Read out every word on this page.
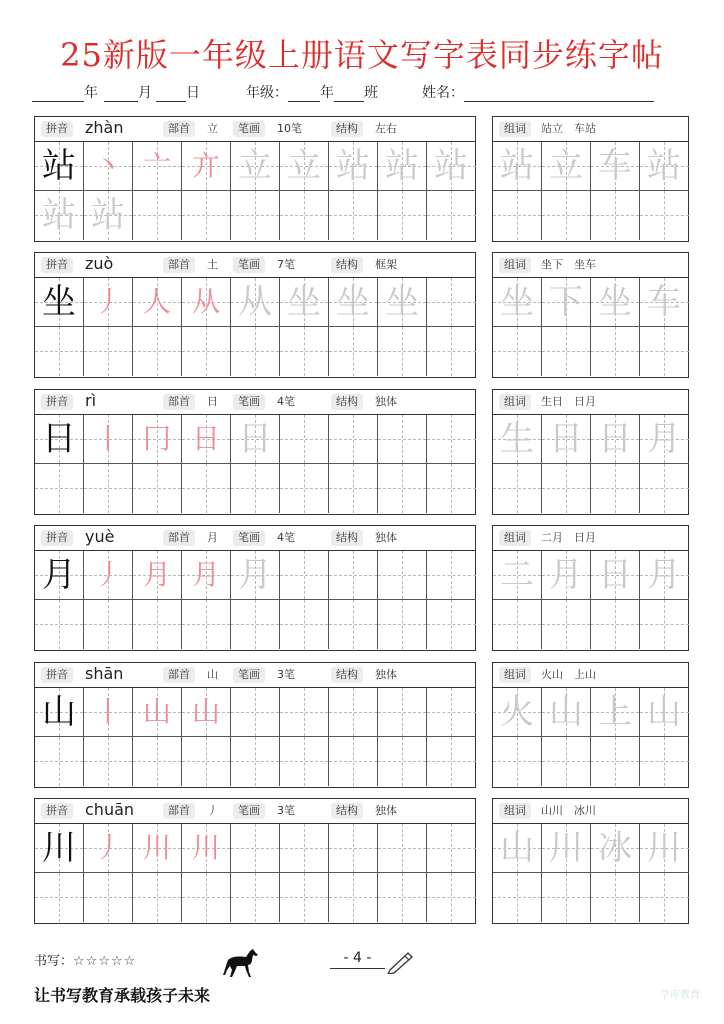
25新版一年级上册语文写字表同步练字帖
年	月	日	年级： 年 班	姓名：
拼音	zhàn	部首	立	笔画	10笔	结构	左右
站 丶 亠 亣 立 立 站 站 站
站 站
组词	站立　车站
站 立 车 站
拼音	zuò	部首	土	笔画	7笔	结构	框架
坐 丿 人 从 从 坐 坐 坐
组词	坐下　坐车
坐 下 坐 车
拼音	rì	部首	日	笔画	4笔	结构	独体
日 丨 冂 日 日
组词	生日　日月
生 日 日 月
拼音	yuè	部首	月	笔画	4笔	结构	独体
月 丿 月 月 月
组词	二月　日月
二 月 日 月
拼音	shān	部首	山	笔画	3笔	结构	独体
山 丨 山 山
组词	火山　上山
火 山 上 山
拼音	chuān	部首	丿	笔画	3笔	结构	独体
川 丿 川 川
组词	山川　冰川
山 川 冰 川
书写：☆☆☆☆☆	- 4 -
让书写教育承载孩子未来	学库教育
